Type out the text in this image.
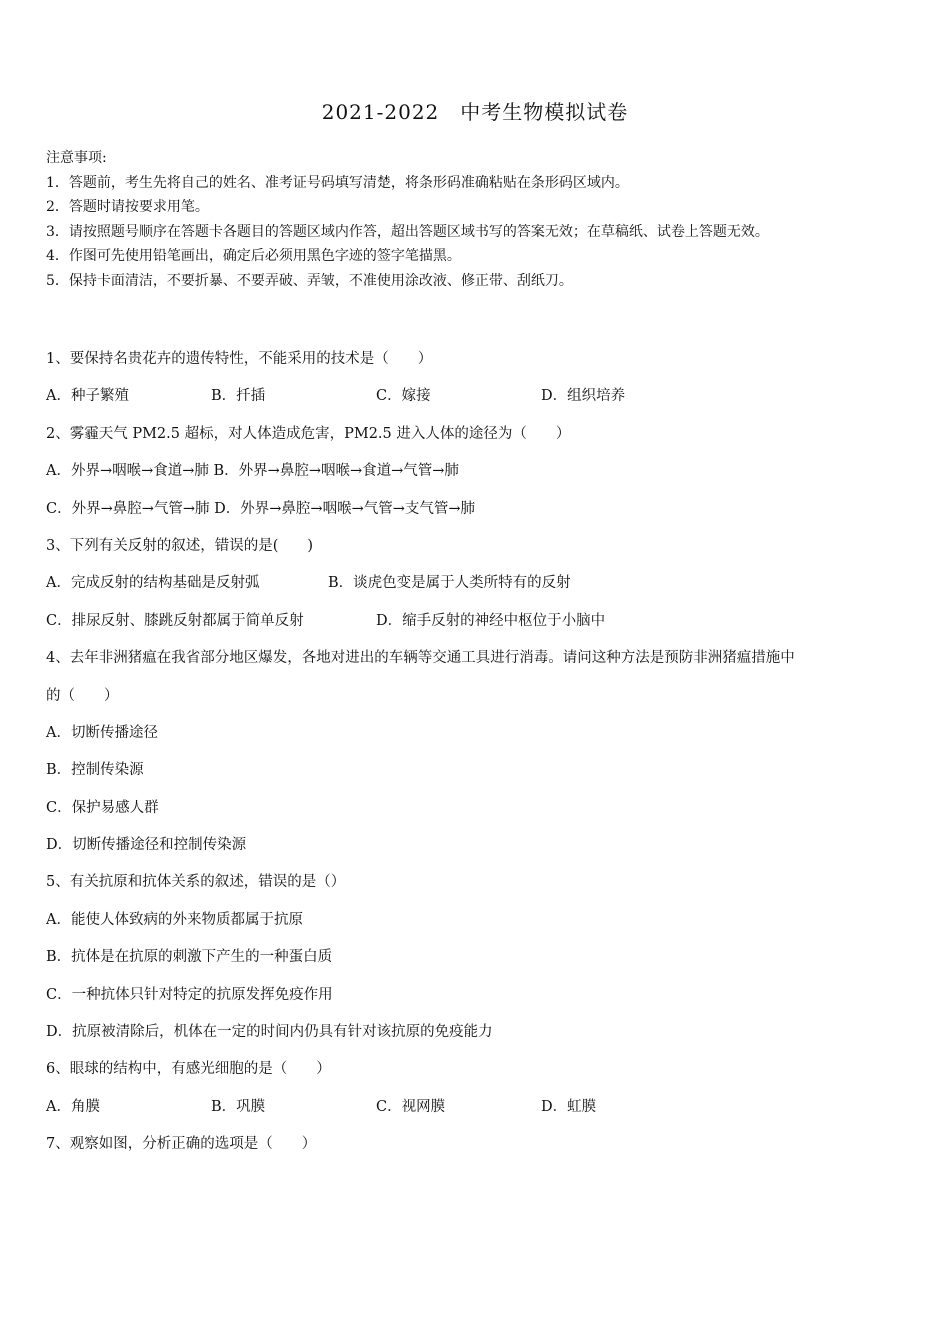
2021-2022　中考生物模拟试卷
注意事项:
1．答题前，考生先将自己的姓名、准考证号码填写清楚，将条形码准确粘贴在条形码区域内。
2．答题时请按要求用笔。
3．请按照题号顺序在答题卡各题目的答题区域内作答，超出答题区域书写的答案无效；在草稿纸、试卷上答题无效。
4．作图可先使用铅笔画出，确定后必须用黑色字迹的签字笔描黑。
5．保持卡面清洁，不要折暴、不要弄破、弄皱，不准使用涂改液、修正带、刮纸刀。
1、要保持名贵花卉的遗传特性，不能采用的技术是（　　）
A．种子繁殖	B．扦插	C．嫁接	D．组织培养
2、雾霾天气 PM2.5 超标，对人体造成危害，PM2.5 进入人体的途径为（　　）
A．外界→咽喉→食道→肺 B．外界→鼻腔→咽喉→食道→气管→肺
C．外界→鼻腔→气管→肺 D．外界→鼻腔→咽喉→气管→支气管→肺
3、下列有关反射的叙述，错误的是(　　)
A．完成反射的结构基础是反射弧	B．谈虎色变是属于人类所特有的反射
C．排尿反射、膝跳反射都属于简单反射	D．缩手反射的神经中枢位于小脑中
4、去年非洲猪瘟在我省部分地区爆发，各地对进出的车辆等交通工具进行消毒。请问这种方法是预防非洲猪瘟措施中
的（　　）
A．切断传播途径
B．控制传染源
C．保护易感人群
D．切断传播途径和控制传染源
5、有关抗原和抗体关系的叙述，错误的是（）
A．能使人体致病的外来物质都属于抗原
B．抗体是在抗原的刺激下产生的一种蛋白质
C．一种抗体只针对特定的抗原发挥免疫作用
D．抗原被清除后，机体在一定的时间内仍具有针对该抗原的免疫能力
6、眼球的结构中，有感光细胞的是（　　）
A．角膜	B．巩膜	C．视网膜	D．虹膜
7、观察如图，分析正确的选项是（　　）
